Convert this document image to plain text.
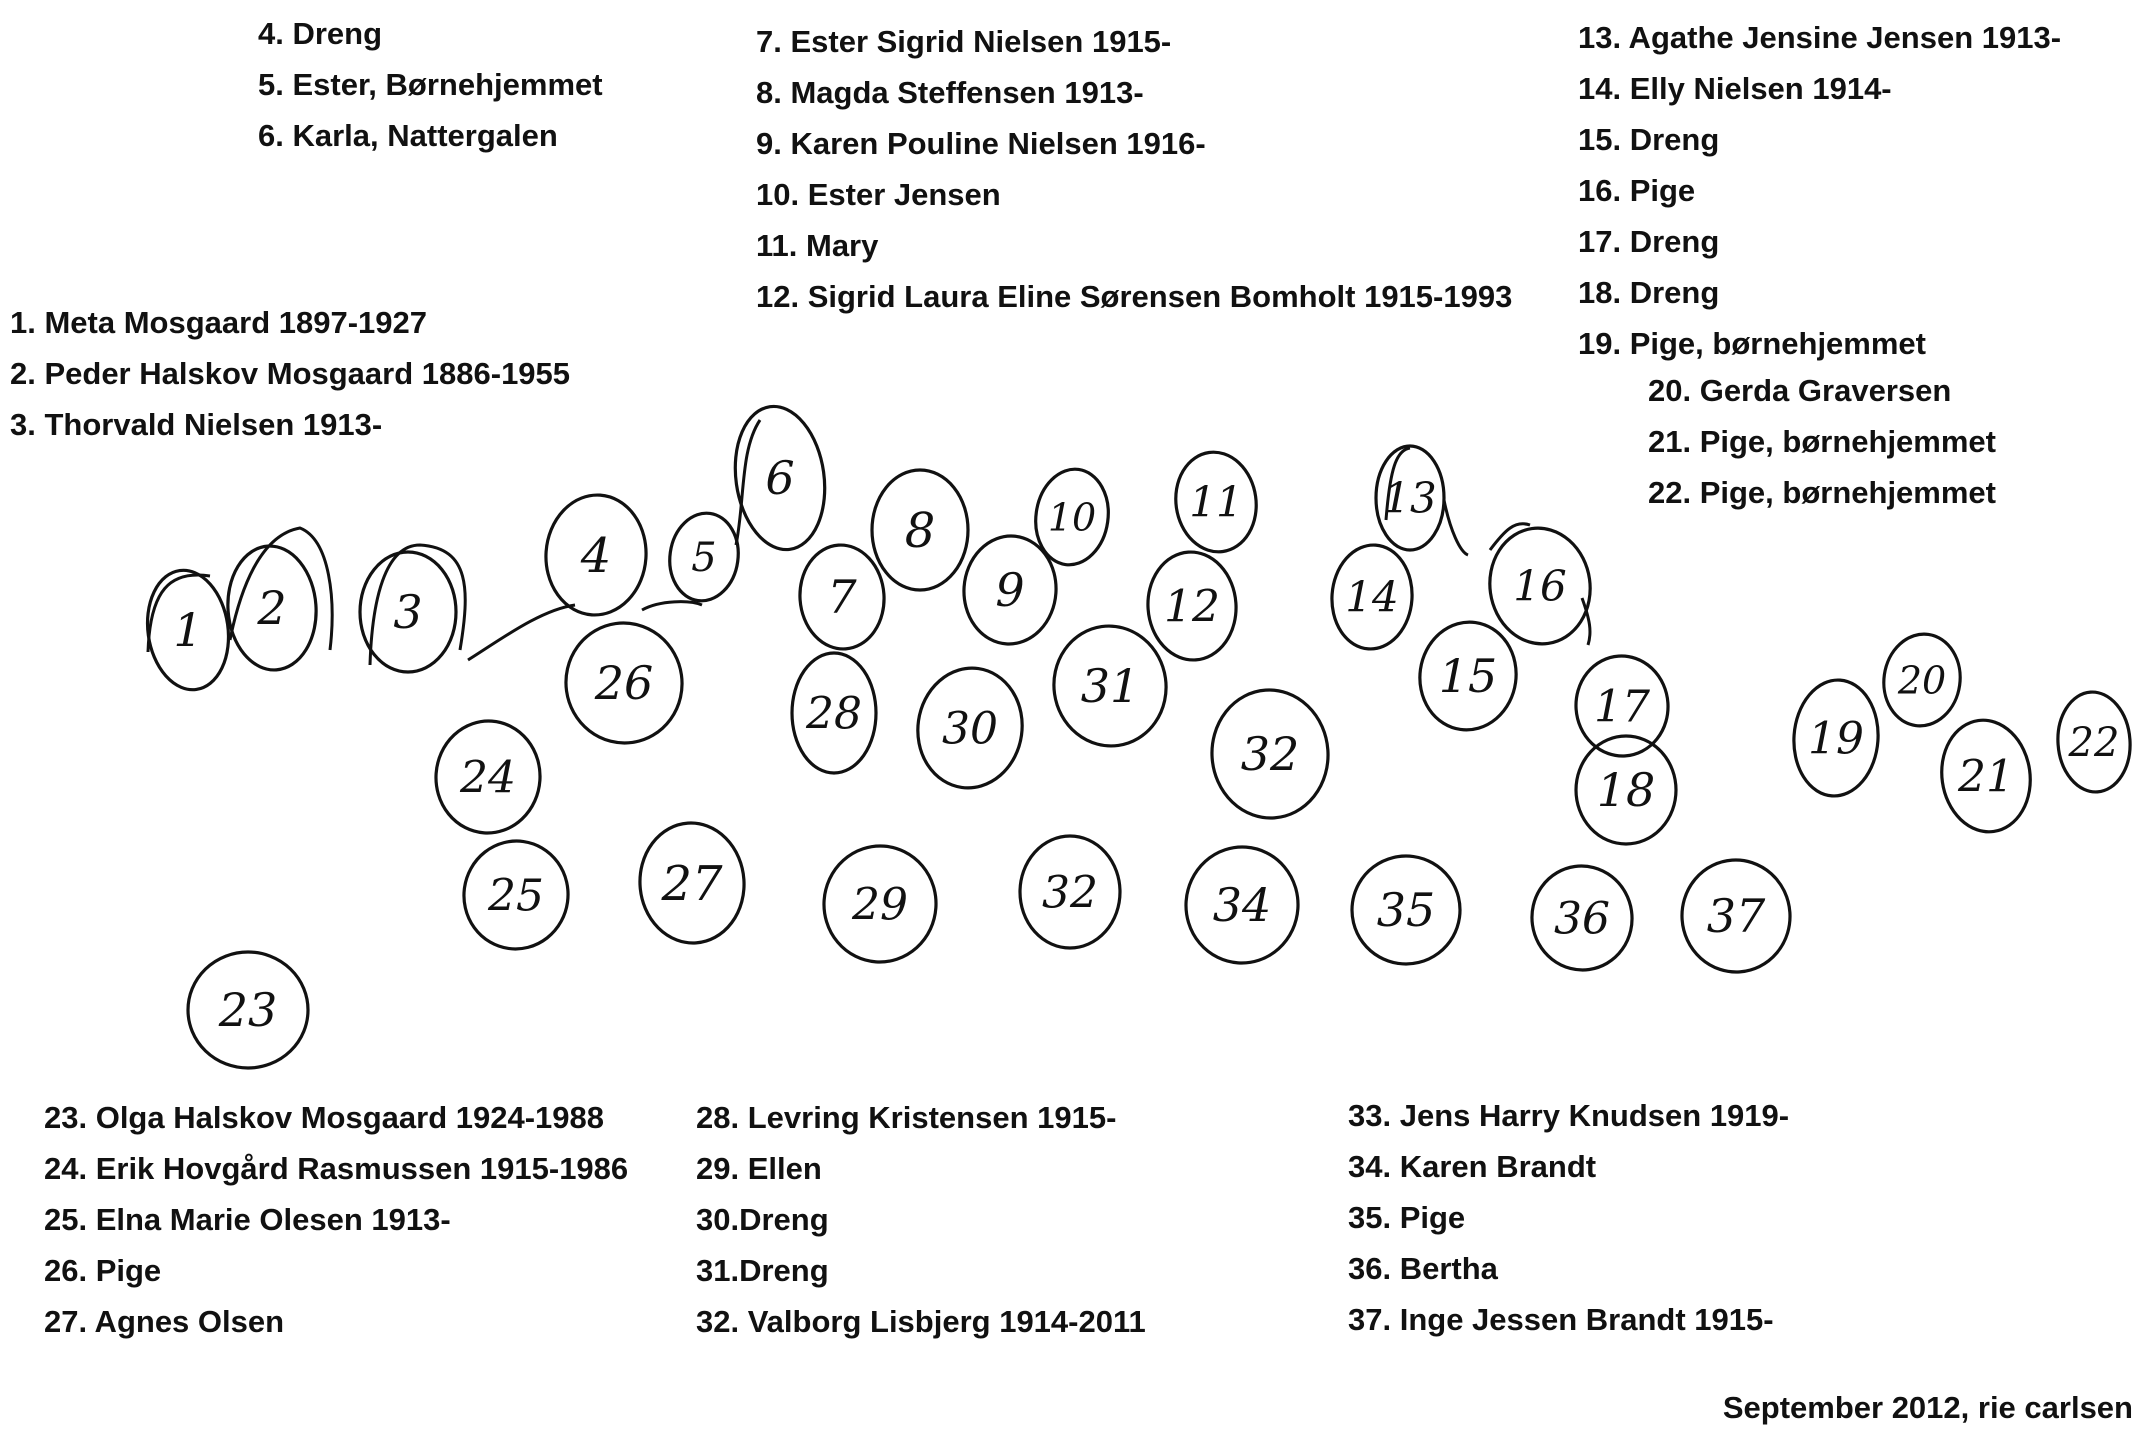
1 2 3
4 5
6
7
8
9
10 11
12
13
14
15
16
17
18
19
20
21
22
23
24
25
26
27
28
29
30
31
32
32 34 35	36 37
4. Dreng
5. Ester, Børnehjemmet
6. Karla, Nattergalen
7. Ester Sigrid Nielsen 1915-
8. Magda Steffensen 1913-
9. Karen Pouline Nielsen 1916-
10. Ester Jensen
11. Mary
12. Sigrid Laura Eline Sørensen Bomholt 1915-1993
13. Agathe Jensine Jensen 1913-
14. Elly Nielsen 1914-
15. Dreng
16. Pige
17. Dreng
18. Dreng
19. Pige, børnehjemmet
20. Gerda Graversen
21. Pige, børnehjemmet
22. Pige, børnehjemmet
1. Meta Mosgaard 1897-1927
2. Peder Halskov Mosgaard 1886-1955
3. Thorvald Nielsen 1913-
23. Olga Halskov Mosgaard 1924-1988
24. Erik Hovgård Rasmussen 1915-1986
25. Elna Marie Olesen 1913-
26. Pige
27. Agnes Olsen
28. Levring Kristensen 1915-
29. Ellen
30.Dreng
31.Dreng
32. Valborg Lisbjerg 1914-2011
33. Jens Harry Knudsen 1919-
34. Karen Brandt
35. Pige
36. Bertha
37. Inge Jessen Brandt 1915-
September 2012, rie carlsen
